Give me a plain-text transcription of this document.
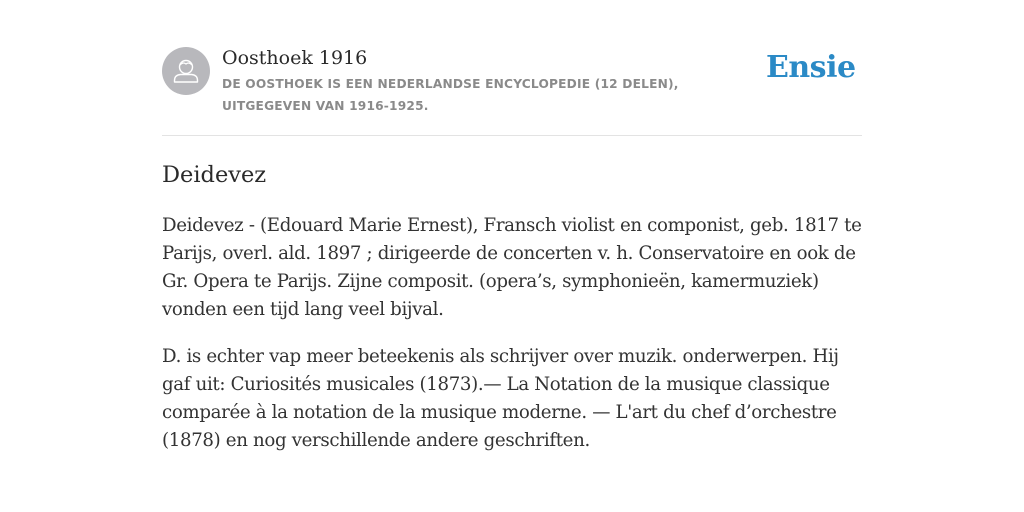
Oosthoek 1916
DE OOSTHOEK IS EEN NEDERLANDSE ENCYCLOPEDIE (12 DELEN), UITGEGEVEN VAN 1916-1925.
Ensie
Deidevez

Deidevez - (Edouard Marie Ernest), Fransch violist en componist, geb. 1817 te Parijs, overl. ald. 1897 ; dirigeerde de concerten v. h. Conservatoire en ook de Gr. Opera te Parijs. Zijne composit. (opera’s, symphonieën, kamermuziek) vonden een tijd lang veel bijval.

D. is echter vap meer beteekenis als schrijver over muzik. onderwerpen. Hij gaf uit: Curiosités musicales (1873).— La Notation de la musique classique comparée à la notation de la musique moderne. — L'art du chef d’orchestre (1878) en nog verschillende andere geschriften.
